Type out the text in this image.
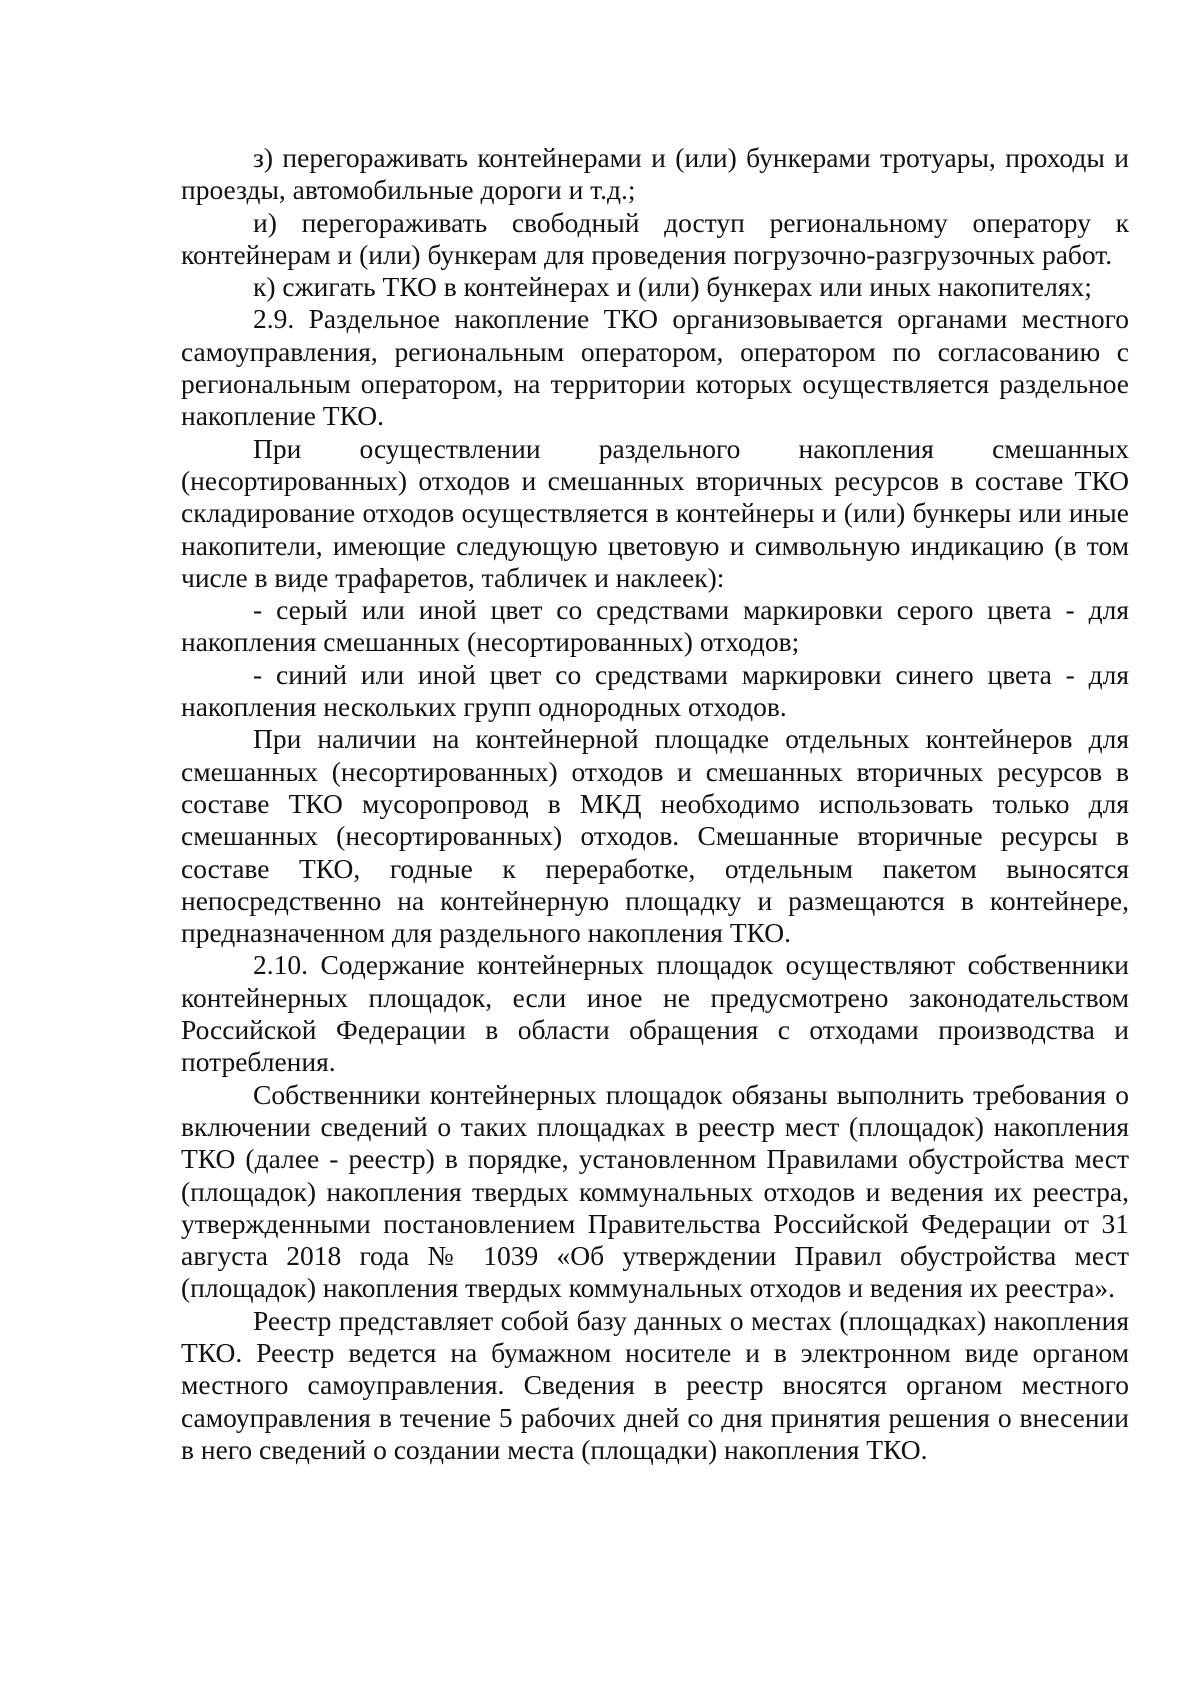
з) перегораживать контейнерами и (или) бункерами тротуары, проходы и проезды, автомобильные дороги и т.д.;

и) перегораживать свободный доступ региональному оператору к контейнерам и (или) бункерам для проведения погрузочно-разгрузочных работ.

к) сжигать ТКО в контейнерах и (или) бункерах или иных накопителях;

2.9. Раздельное накопление ТКО организовывается органами местного самоуправления, региональным оператором, оператором по согласованию с региональным оператором, на территории которых осуществляется раздельное накопление ТКО.

При осуществлении раздельного накопления смешанных (несортированных) отходов и смешанных вторичных ресурсов в составе ТКО складирование отходов осуществляется в контейнеры и (или) бункеры или иные накопители, имеющие следующую цветовую и символьную индикацию (в том числе в виде трафаретов, табличек и наклеек):

- серый или иной цвет со средствами маркировки серого цвета - для накопления смешанных (несортированных) отходов;

- синий или иной цвет со средствами маркировки синего цвета - для накопления нескольких групп однородных отходов.

При наличии на контейнерной площадке отдельных контейнеров для смешанных (несортированных) отходов и смешанных вторичных ресурсов в составе ТКО мусоропровод в МКД необходимо использовать только для смешанных (несортированных) отходов. Смешанные вторичные ресурсы в составе ТКО, годные к переработке, отдельным пакетом выносятся непосредственно на контейнерную площадку и размещаются в контейнере, предназначенном для раздельного накопления ТКО.

2.10. Содержание контейнерных площадок осуществляют собственники контейнерных площадок, если иное не предусмотрено законодательством Российской Федерации в области обращения с отходами производства и потребления.

Собственники контейнерных площадок обязаны выполнить требования о включении сведений о таких площадках в реестр мест (площадок) накопления ТКО (далее - реестр) в порядке, установленном Правилами обустройства мест (площадок) накопления твердых коммунальных отходов и ведения их реестра, утвержденными постановлением Правительства Российской Федерации от 31 августа 2018 года № 1039 «Об утверждении Правил обустройства мест (площадок) накопления твердых коммунальных отходов и ведения их реестра».

Реестр представляет собой базу данных о местах (площадках) накопления ТКО. Реестр ведется на бумажном носителе и в электронном виде органом местного самоуправления. Сведения в реестр вносятся органом местного самоуправления в течение 5 рабочих дней со дня принятия решения о внесении в него сведений о создании места (площадки) накопления ТКО.
